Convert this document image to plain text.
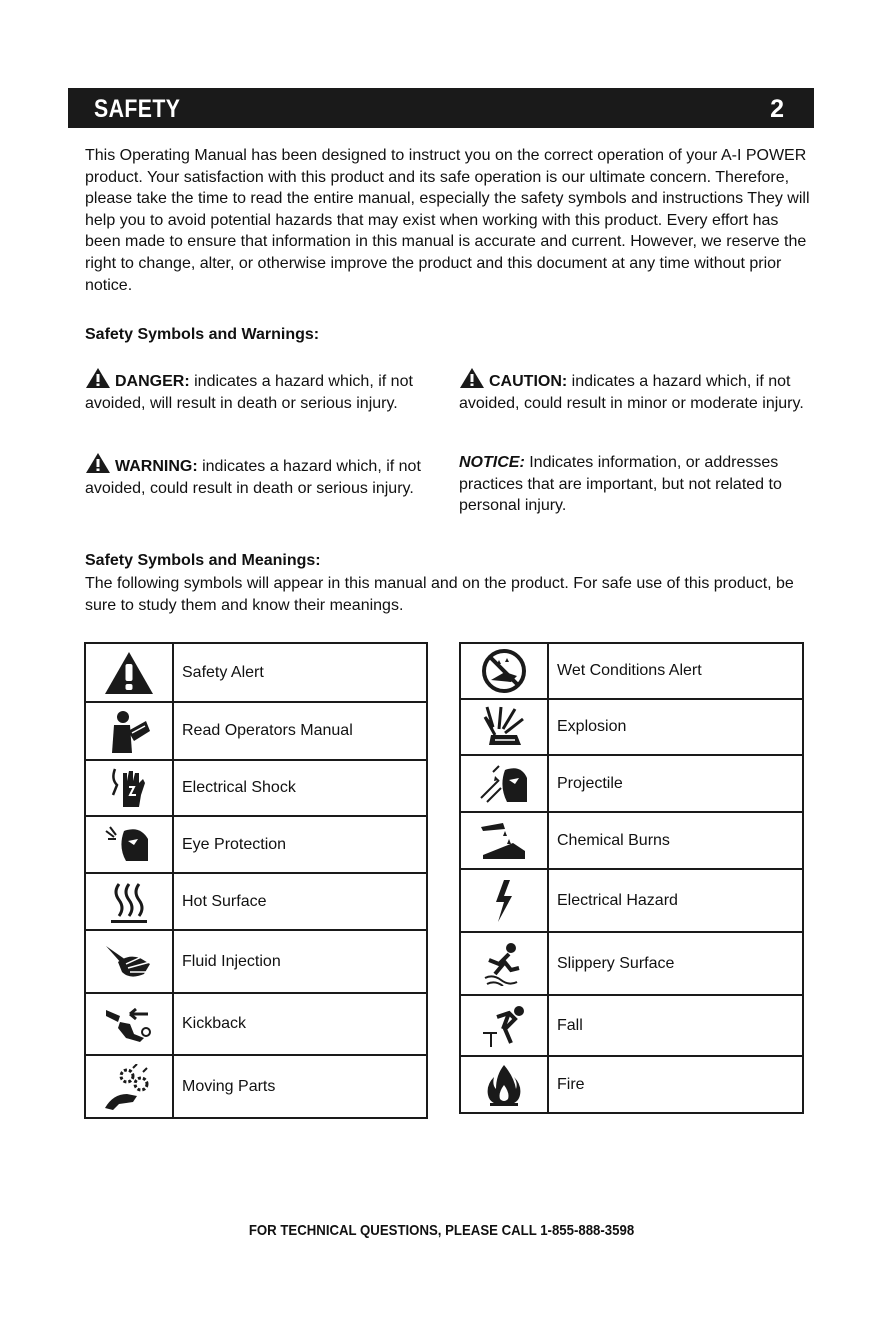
SAFETY	2

This Operating Manual has been designed to instruct you on the correct operation of your A-I POWER product. Your satisfaction with this product and its safe operation is our ultimate concern. Therefore, please take the time to read the entire manual, especially the safety symbols and instructions They will help you to avoid potential hazards that may exist when working with this product. Every effort has been made to ensure that information in this manual is accurate and current. However, we reserve the right to change, alter, or otherwise improve the product and this document at any time without prior notice.

Safety Symbols and Warnings:

DANGER: indicates a hazard which, if not avoided, will result in death or serious injury.

WARNING: indicates a hazard which, if not avoided, could result in death or serious injury.

CAUTION: indicates a hazard which, if not avoided, could result in minor or moderate injury.

NOTICE: Indicates information, or addresses practices that are important, but not related to personal injury.

Safety Symbols and Meanings:

The following symbols will appear in this manual and on the product. For safe use of this product, be sure to study them and know their meanings.

Safety Alert
Read Operators Manual
Electrical Shock
Eye Protection
Hot Surface
Fluid Injection
Kickback
Moving Parts
Wet Conditions Alert
Explosion
Projectile
Chemical Burns
Electrical Hazard
Slippery Surface
Fall
Fire
FOR TECHNICAL QUESTIONS, PLEASE CALL 1-855-888-3598
